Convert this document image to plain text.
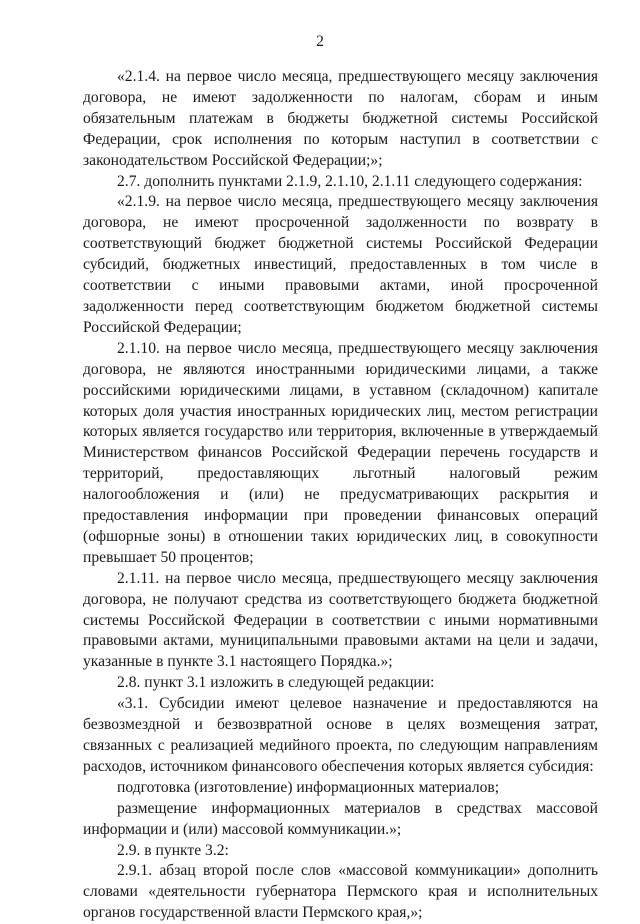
2

«2.1.4. на первое число месяца, предшествующего месяцу заключения договора, не имеют задолженности по налогам, сборам и иным обязательным платежам в бюджеты бюджетной системы Российской Федерации, срок исполнения по которым наступил в соответствии с законодательством Российской Федерации;»;

2.7. дополнить пунктами 2.1.9, 2.1.10, 2.1.11 следующего содержания:

«2.1.9. на первое число месяца, предшествующего месяцу заключения договора, не имеют просроченной задолженности по возврату в соответствующий бюджет бюджетной системы Российской Федерации субсидий, бюджетных инвестиций, предоставленных в том числе в соответствии с иными правовыми актами, иной просроченной задолженности перед соответствующим бюджетом бюджетной системы Российской Федерации;

2.1.10. на первое число месяца, предшествующего месяцу заключения договора, не являются иностранными юридическими лицами, а также российскими юридическими лицами, в уставном (складочном) капитале которых доля участия иностранных юридических лиц, местом регистрации которых является государство или территория, включенные в утверждаемый Министерством финансов Российской Федерации перечень государств и территорий, предоставляющих льготный налоговый режим налогообложения и (или) не предусматривающих раскрытия и предоставления информации при проведении финансовых операций (офшорные зоны) в отношении таких юридических лиц, в совокупности превышает 50 процентов;

2.1.11. на первое число месяца, предшествующего месяцу заключения договора, не получают средства из соответствующего бюджета бюджетной системы Российской Федерации в соответствии с иными нормативными правовыми актами, муниципальными правовыми актами на цели и задачи, указанные в пункте 3.1 настоящего Порядка.»;

2.8. пункт 3.1 изложить в следующей редакции:

«3.1. Субсидии имеют целевое назначение и предоставляются на безвозмездной и безвозвратной основе в целях возмещения затрат, связанных с реализацией медийного проекта, по следующим направлениям расходов, источником финансового обеспечения которых является субсидия:

подготовка (изготовление) информационных материалов;

размещение информационных материалов в средствах массовой информации и (или) массовой коммуникации.»;

2.9. в пункте 3.2:

2.9.1. абзац второй после слов «массовой коммуникации» дополнить словами «деятельности губернатора Пермского края и исполнительных органов государственной власти Пермского края,»;
